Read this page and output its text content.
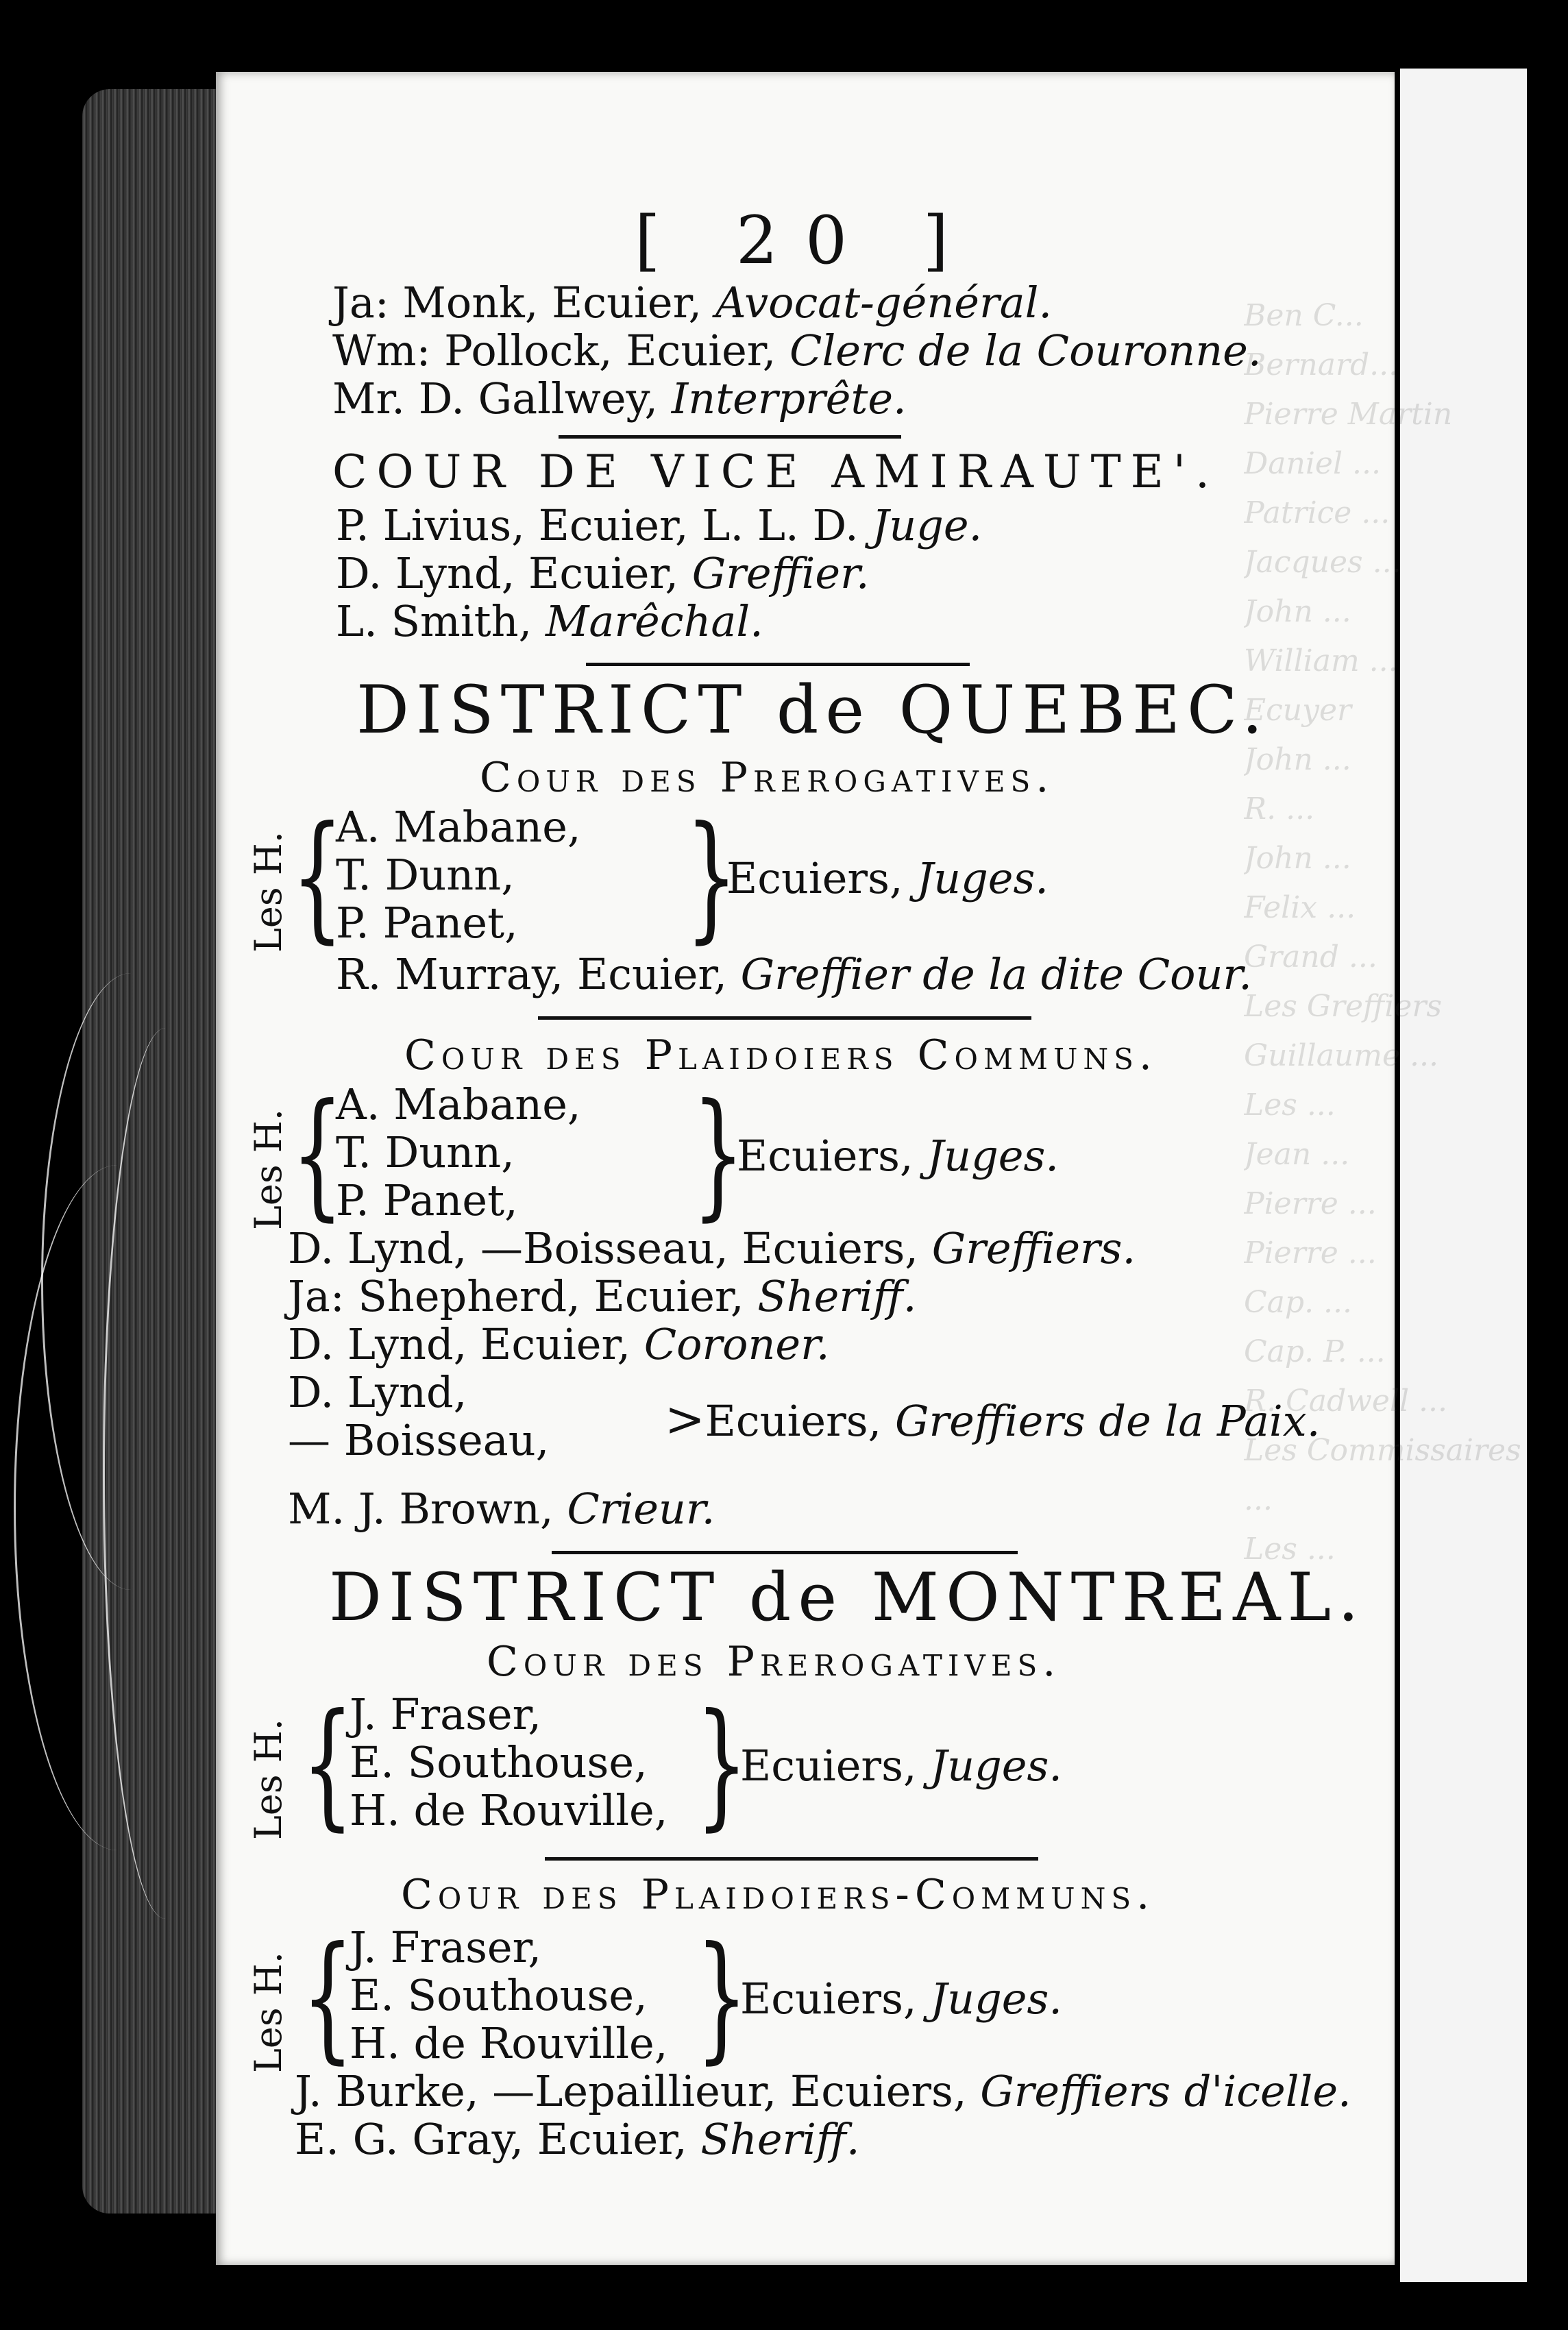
Ben C...
Bernard...
Pierre Martin
Daniel ...
Patrice ...
Jacques ...
John ...
William ...
Ecuyer
John ...
R. ...
John ...
Felix ...
Grand ...
Les Greffiers
Guillaume ...
Les ...
Jean ...
Pierre ...
Pierre ...
Cap. ...
Cap. P. ...
R. Cadwell ...
Les Commissaires ...
Les ...
[ 20 ]
Ja: Monk, Ecuier, Avocat-général.
Wm: Pollock, Ecuier, Clerc de la Couronne.
Mr. D. Gallwey, Interprête.
COUR DE VICE AMIRAUTE'.
P. Livius, Ecuier, L. L. D. Juge.
D. Lynd, Ecuier, Greffier.
L. Smith, Marêchal.
DISTRICT de QUEBEC.
Cour des Prerogatives.
Les H. {
A. Mabane,
T. Dunn,
P. Panet, }
Ecuiers, Juges.
R. Murray, Ecuier, Greffier de la dite Cour.
Cour des Plaidoiers Communs.
Les H. {
A. Mabane,
T. Dunn,
P. Panet, }
Ecuiers, Juges.
D. Lynd, —Boisseau, Ecuiers, Greffiers.
Ja: Shepherd, Ecuier, Sheriff.
D. Lynd, Ecuier, Coroner.
D. Lynd,
— Boisseau, >Ecuiers, Greffiers de la Paix.
M. J. Brown, Crieur.
DISTRICT de MONTREAL.
Cour des Prerogatives.
Les H. {
J. Fraser,
E. Southouse,
H. de Rouville, }
Ecuiers, Juges.
Cour des Plaidoiers-Communs.
Les H. {
J. Fraser,
E. Southouse,
H. de Rouville, }
Ecuiers, Juges.
J. Burke, —Lepaillieur, Ecuiers, Greffiers d'icelle.
E. G. Gray, Ecuier, Sheriff.
